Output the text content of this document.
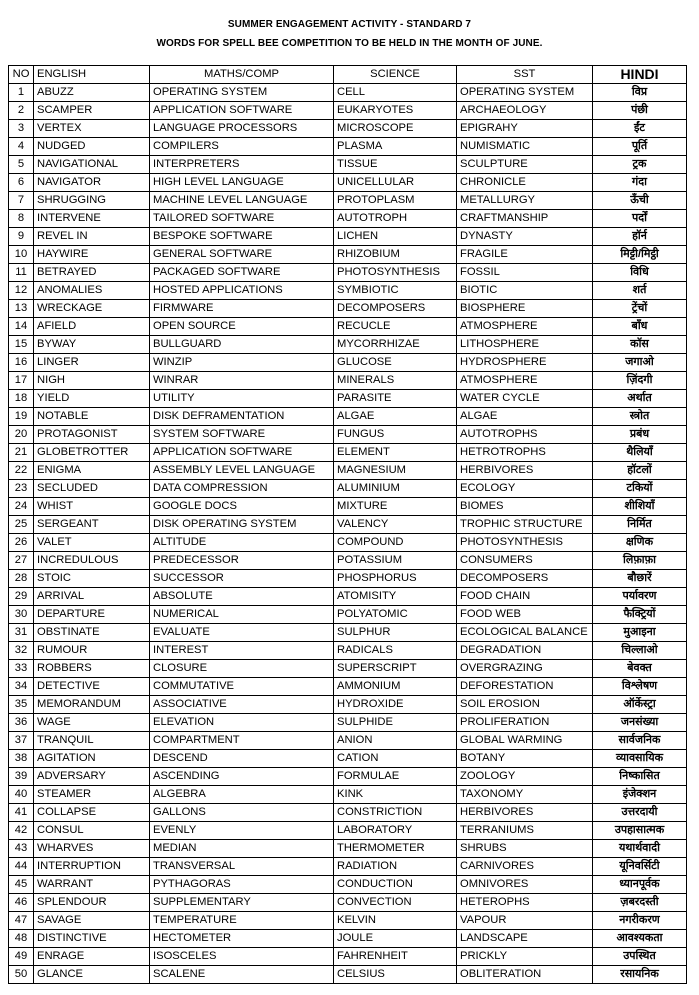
SUMMER ENGAGEMENT ACTIVITY - STANDARD 7
WORDS FOR SPELL BEE COMPETITION TO BE HELD IN THE MONTH OF JUNE.
NO	ENGLISH	MATHS/COMP	SCIENCE	SST	HINDI
1	ABUZZ	OPERATING SYSTEM	CELL	OPERATING SYSTEM	विप्र
2	SCAMPER	APPLICATION SOFTWARE	EUKARYOTES	ARCHAEOLOGY	पंछी
3	VERTEX	LANGUAGE PROCESSORS	MICROSCOPE	EPIGRAHY	ईंट
4	NUDGED	COMPILERS	PLASMA	NUMISMATIC	पूर्ति
5	NAVIGATIONAL	INTERPRETERS	TISSUE	SCULPTURE	ट्रक
6	NAVIGATOR	HIGH LEVEL LANGUAGE	UNICELLULAR	CHRONICLE	गंदा
7	SHRUGGING	MACHINE LEVEL LANGUAGE	PROTOPLASM	METALLURGY	ऊँची
8	INTERVENE	TAILORED SOFTWARE	AUTOTROPH	CRAFTMANSHIP	पर्दों
9	REVEL IN	BESPOKE SOFTWARE	LICHEN	DYNASTY	हॉर्न
10	HAYWIRE	GENERAL SOFTWARE	RHIZOBIUM	FRAGILE	मिट्टी/मिट्ठी
11	BETRAYED	PACKAGED SOFTWARE	PHOTOSYNTHESIS	FOSSIL	विधि
12	ANOMALIES	HOSTED APPLICATIONS	SYMBIOTIC	BIOTIC	शर्त
13	WRECKAGE	FIRMWARE	DECOMPOSERS	BIOSPHERE	ट्रेंचों
14	AFIELD	OPEN SOURCE	RECUCLE	ATMOSPHERE	बाँध
15	BYWAY	BULLGUARD	MYCORRHIZAE	LITHOSPHERE	कॉस
16	LINGER	WINZIP	GLUCOSE	HYDROSPHERE	जगाओ
17	NIGH	WINRAR	MINERALS	ATMOSPHERE	ज़िंदगी
18	YIELD	UTILITY	PARASITE	WATER CYCLE	अर्थात
19	NOTABLE	DISK DEFRAMENTATION	ALGAE	ALGAE	स्त्रोत
20	PROTAGONIST	SYSTEM SOFTWARE	FUNGUS	AUTOTROPHS	प्रबंध
21	GLOBETROTTER	APPLICATION SOFTWARE	ELEMENT	HETROTROPHS	थैलियाँ
22	ENIGMA	ASSEMBLY LEVEL LANGUAGE	MAGNESIUM	HERBIVORES	हॉटलों
23	SECLUDED	DATA COMPRESSION	ALUMINIUM	ECOLOGY	टकियों
24	WHIST	GOOGLE DOCS	MIXTURE	BIOMES	शीशियाँ
25	SERGEANT	DISK OPERATING SYSTEM	VALENCY	TROPHIC STRUCTURE	निर्मित
26	VALET	ALTITUDE	COMPOUND	PHOTOSYNTHESIS	क्षणिक
27	INCREDULOUS	PREDECESSOR	POTASSIUM	CONSUMERS	लिफ़ाफ़ा
28	STOIC	SUCCESSOR	PHOSPHORUS	DECOMPOSERS	बौछारें
29	ARRIVAL	ABSOLUTE	ATOMISITY	FOOD CHAIN	पर्यावरण
30	DEPARTURE	NUMERICAL	POLYATOMIC	FOOD WEB	फैक्ट्रियों
31	OBSTINATE	EVALUATE	SULPHUR	ECOLOGICAL BALANCE	मुआइना
32	RUMOUR	INTEREST	RADICALS	DEGRADATION	चिल्लाओ
33	ROBBERS	CLOSURE	SUPERSCRIPT	OVERGRAZING	बेवक्त
34	DETECTIVE	COMMUTATIVE	AMMONIUM	DEFORESTATION	विश्लेषण
35	MEMORANDUM	ASSOCIATIVE	HYDROXIDE	SOIL EROSION	ऑर्केस्ट्रा
36	WAGE	ELEVATION	SULPHIDE	PROLIFERATION	जनसंख्या
37	TRANQUIL	COMPARTMENT	ANION	GLOBAL WARMING	सार्वजनिक
38	AGITATION	DESCEND	CATION	BOTANY	व्यावसायिक
39	ADVERSARY	ASCENDING	FORMULAE	ZOOLOGY	निष्कासित
40	STEAMER	ALGEBRA	KINK	TAXONOMY	इंजेक्शन
41	COLLAPSE	GALLONS	CONSTRICTION	HERBIVORES	उत्तरदायी
42	CONSUL	EVENLY	LABORATORY	TERRANIUMS	उपहासात्मक
43	WHARVES	MEDIAN	THERMOMETER	SHRUBS	यथार्थवादी
44	INTERRUPTION	TRANSVERSAL	RADIATION	CARNIVORES	यूनिवर्सिटी
45	WARRANT	PYTHAGORAS	CONDUCTION	OMNIVORES	ध्यानपूर्वक
46	SPLENDOUR	SUPPLEMENTARY	CONVECTION	HETEROPHS	ज़बरदस्ती
47	SAVAGE	TEMPERATURE	KELVIN	VAPOUR	नगरीकरण
48	DISTINCTIVE	HECTOMETER	JOULE	LANDSCAPE	आवश्यकता
49	ENRAGE	ISOSCELES	FAHRENHEIT	PRICKLY	उपस्थित
50	GLANCE	SCALENE	CELSIUS	OBLITERATION	रसायनिक
